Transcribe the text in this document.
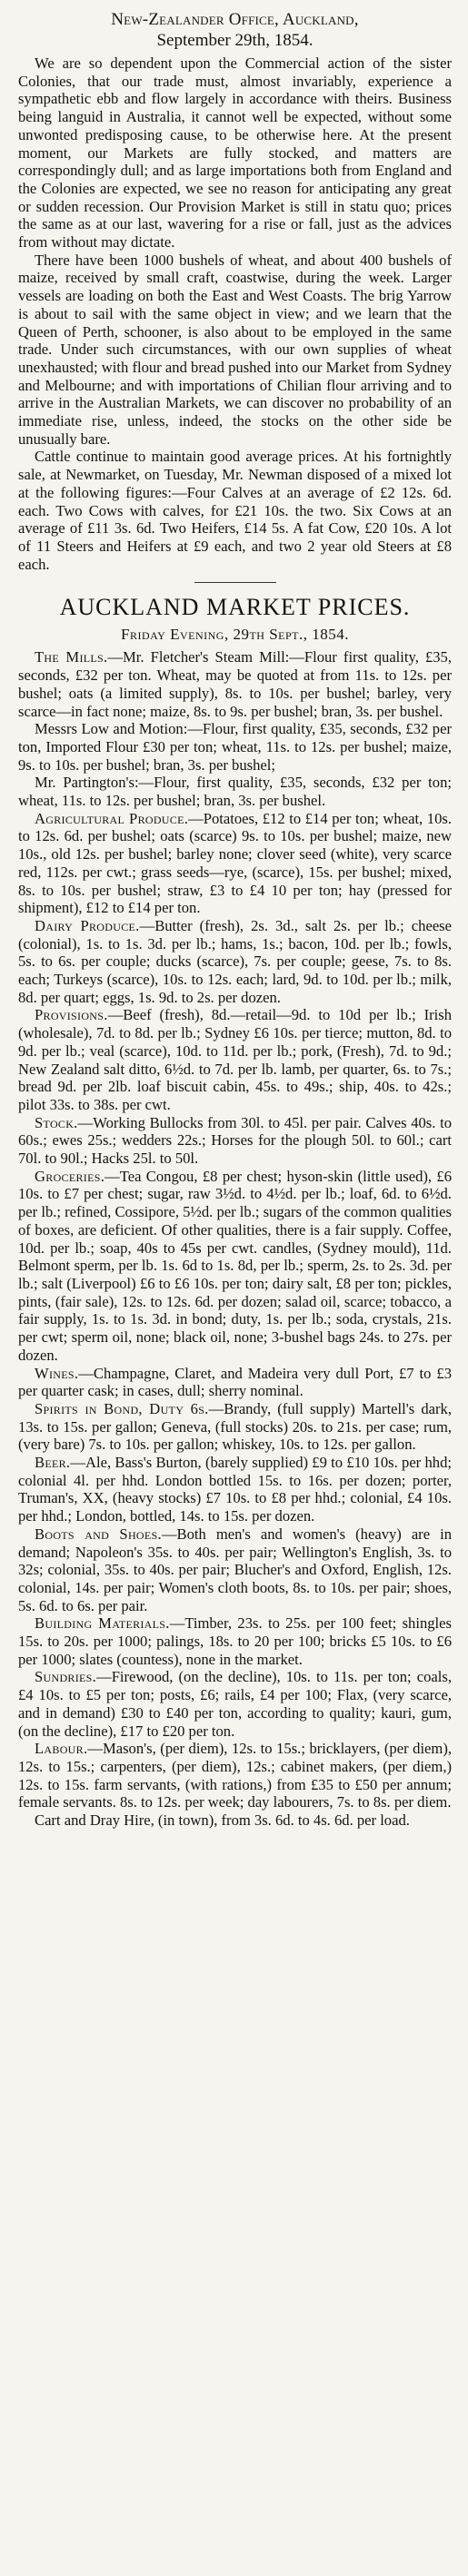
New-Zealander Office, Auckland,
September 29th, 1854.

We are so dependent upon the Commercial action of the sister Colonies, that our trade must, almost invariably, experience a sympathetic ebb and flow largely in accordance with theirs. Business being languid in Australia, it cannot well be expected, without some unwonted predisposing cause, to be otherwise here. At the present moment, our Markets are fully stocked, and matters are correspondingly dull; and as large importations both from England and the Colonies are expected, we see no reason for anticipating any great or sudden recession. Our Provision Market is still in statu quo; prices the same as at our last, wavering for a rise or fall, just as the advices from without may dictate.

There have been 1000 bushels of wheat, and about 400 bushels of maize, received by small craft, coastwise, during the week. Larger vessels are loading on both the East and West Coasts. The brig Yarrow is about to sail with the same object in view; and we learn that the Queen of Perth, schooner, is also about to be employed in the same trade. Under such circumstances, with our own supplies of wheat unexhausted; with flour and bread pushed into our Market from Sydney and Melbourne; and with importations of Chilian flour arriving and to arrive in the Australian Markets, we can discover no probability of an immediate rise, unless, indeed, the stocks on the other side be unusually bare.

Cattle continue to maintain good average prices. At his fortnightly sale, at Newmarket, on Tuesday, Mr. Newman disposed of a mixed lot at the following figures:—Four Calves at an average of £2 12s. 6d. each. Two Cows with calves, for £21 10s. the two. Six Cows at an average of £11 3s. 6d. Two Heifers, £14 5s. A fat Cow, £20 10s. A lot of 11 Steers and Heifers at £9 each, and two 2 year old Steers at £8 each.

AUCKLAND MARKET PRICES.
Friday Evening, 29th Sept., 1854.

The Mills.—Mr. Fletcher's Steam Mill:—Flour first quality, £35, seconds, £32 per ton. Wheat, may be quoted at from 11s. to 12s. per bushel; oats (a limited supply), 8s. to 10s. per bushel; barley, very scarce—in fact none; maize, 8s. to 9s. per bushel; bran, 3s. per bushel.

Messrs Low and Motion:—Flour, first quality, £35, seconds, £32 per ton, Imported Flour £30 per ton; wheat, 11s. to 12s. per bushel; maize, 9s. to 10s. per bushel; bran, 3s. per bushel;

Mr. Partington's:—Flour, first quality, £35, seconds, £32 per ton; wheat, 11s. to 12s. per bushel; bran, 3s. per bushel.

Agricultural Produce.—Potatoes, £12 to £14 per ton; wheat, 10s. to 12s. 6d. per bushel; oats (scarce) 9s. to 10s. per bushel; maize, new 10s., old 12s. per bushel; barley none; clover seed (white), very scarce red, 112s. per cwt.; grass seeds—rye, (scarce), 15s. per bushel; mixed, 8s. to 10s. per bushel; straw, £3 to £4 10 per ton; hay (pressed for shipment), £12 to £14 per ton.

Dairy Produce.—Butter (fresh), 2s. 3d., salt 2s. per lb.; cheese (colonial), 1s. to 1s. 3d. per lb.; hams, 1s.; bacon, 10d. per lb.; fowls, 5s. to 6s. per couple; ducks (scarce), 7s. per couple; geese, 7s. to 8s. each; Turkeys (scarce), 10s. to 12s. each; lard, 9d. to 10d. per lb.; milk, 8d. per quart; eggs, 1s. 9d. to 2s. per dozen.

Provisions.—Beef (fresh), 8d.—retail—9d. to 10d per lb.; Irish (wholesale), 7d. to 8d. per lb.; Sydney £6 10s. per tierce; mutton, 8d. to 9d. per lb.; veal (scarce), 10d. to 11d. per lb.; pork, (Fresh), 7d. to 9d.; New Zealand salt ditto, 6½d. to 7d. per lb. lamb, per quarter, 6s. to 7s.; bread 9d. per 2lb. loaf biscuit cabin, 45s. to 49s.; ship, 40s. to 42s.; pilot 33s. to 38s. per cwt.

Stock.—Working Bullocks from 30l. to 45l. per pair. Calves 40s. to 60s.; ewes 25s.; wedders 22s.; Horses for the plough 50l. to 60l.; cart 70l. to 90l.; Hacks 25l. to 50l.

Groceries.—Tea Congou, £8 per chest; hyson-skin (little used), £6 10s. to £7 per chest; sugar, raw 3½d. to 4½d. per lb.; loaf, 6d. to 6½d. per lb.; refined, Cossipore, 5½d. per lb.; sugars of the common qualities of boxes, are deficient. Of other qualities, there is a fair supply. Coffee, 10d. per lb.; soap, 40s to 45s per cwt. candles, (Sydney mould), 11d. Belmont sperm, per lb. 1s. 6d to 1s. 8d, per lb.; sperm, 2s. to 2s. 3d. per lb.; salt (Liverpool) £6 to £6 10s. per ton; dairy salt, £8 per ton; pickles, pints, (fair sale), 12s. to 12s. 6d. per dozen; salad oil, scarce; tobacco, a fair supply, 1s. to 1s. 3d. in bond; duty, 1s. per lb.; soda, crystals, 21s. per cwt; sperm oil, none; black oil, none; 3-bushel bags 24s. to 27s. per dozen.

Wines.—Champagne, Claret, and Madeira very dull Port, £7 to £3 per quarter cask; in cases, dull; sherry nominal.

Spirits in Bond, Duty 6s.—Brandy, (full supply) Martell's dark, 13s. to 15s. per gallon; Geneva, (full stocks) 20s. to 21s. per case; rum, (very bare) 7s. to 10s. per gallon; whiskey, 10s. to 12s. per gallon.

Beer.—Ale, Bass's Burton, (barely supplied) £9 to £10 10s. per hhd; colonial 4l. per hhd. London bottled 15s. to 16s. per dozen; porter, Truman's, XX, (heavy stocks) £7 10s. to £8 per hhd.; colonial, £4 10s. per hhd.; London, bottled, 14s. to 15s. per dozen.

Boots and Shoes.—Both men's and women's (heavy) are in demand; Napoleon's 35s. to 40s. per pair; Wellington's English, 3s. to 32s; colonial, 35s. to 40s. per pair; Blucher's and Oxford, English, 12s. colonial, 14s. per pair; Women's cloth boots, 8s. to 10s. per pair; shoes, 5s. 6d. to 6s. per pair.

Building Materials.—Timber, 23s. to 25s. per 100 feet; shingles 15s. to 20s. per 1000; palings, 18s. to 20 per 100; bricks £5 10s. to £6 per 1000; slates (countess), none in the market.

Sundries.—Firewood, (on the decline), 10s. to 11s. per ton; coals, £4 10s. to £5 per ton; posts, £6; rails, £4 per 100; Flax, (very scarce, and in demand) £30 to £40 per ton, according to quality; kauri, gum, (on the decline), £17 to £20 per ton.

Labour.—Mason's, (per diem), 12s. to 15s.; bricklayers, (per diem), 12s. to 15s.; carpenters, (per diem), 12s.; cabinet makers, (per diem,) 12s. to 15s. farm servants, (with rations,) from £35 to £50 per annum; female servants. 8s. to 12s. per week; day labourers, 7s. to 8s. per diem.

Cart and Dray Hire, (in town), from 3s. 6d. to 4s. 6d. per load.
